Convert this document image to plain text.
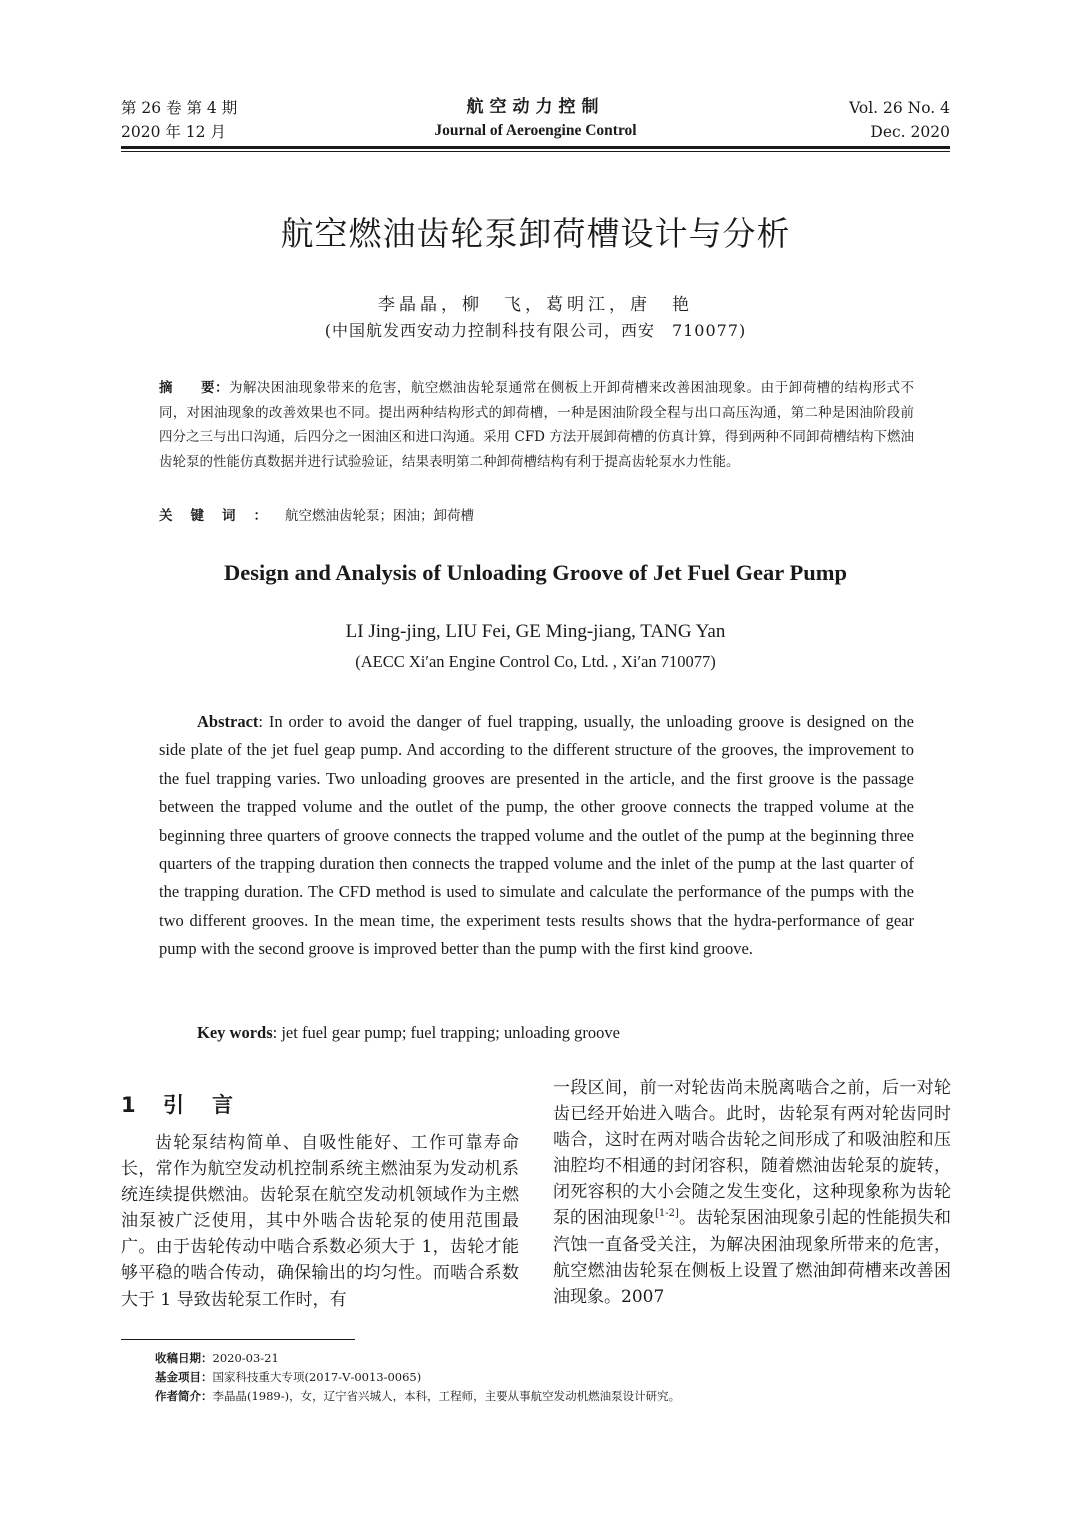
第 26 卷 第 4 期
2020 年 12 月
航空动力控制
Journal of Aeroengine Control
Vol. 26 No. 4
Dec. 2020
航空燃油齿轮泵卸荷槽设计与分析
李晶晶，柳　飞，葛明江，唐　艳
(中国航发西安动力控制科技有限公司，西安　710077)
摘　　要：为解决困油现象带来的危害，航空燃油齿轮泵通常在侧板上开卸荷槽来改善困油现象。由于卸荷槽的结构形式不同，对困油现象的改善效果也不同。提出两种结构形式的卸荷槽，一种是困油阶段全程与出口高压沟通，第二种是困油阶段前四分之三与出口沟通，后四分之一困油区和进口沟通。采用 CFD 方法开展卸荷槽的仿真计算，得到两种不同卸荷槽结构下燃油齿轮泵的性能仿真数据并进行试验验证，结果表明第二种卸荷槽结构有利于提高齿轮泵水力性能。
关键词：航空燃油齿轮泵；困油；卸荷槽
Design and Analysis of Unloading Groove of Jet Fuel Gear Pump
LI Jing-jing, LIU Fei, GE Ming-jiang, TANG Yan
(AECC Xi′an Engine Control Co, Ltd. , Xi′an 710077)
Abstract: In order to avoid the danger of fuel trapping, usually, the unloading groove is designed on the side plate of the jet fuel geap pump. And according to the different structure of the grooves, the improvement to the fuel trapping varies. Two unloading grooves are presented in the article, and the first groove is the passage between the trapped volume and the outlet of the pump, the other groove connects the trapped volume at the beginning three quarters of groove connects the trapped volume and the outlet of the pump at the beginning three quarters of the trapping duration then connects the trapped volume and the inlet of the pump at the last quarter of the trapping duration. The CFD method is used to simulate and calculate the performance of the pumps with the two different grooves. In the mean time, the experiment tests results shows that the hydra-performance of gear pump with the second groove is improved better than the pump with the first kind groove.
Key words: jet fuel gear pump; fuel trapping; unloading groove
1 引言
齿轮泵结构简单、自吸性能好、工作可靠寿命长，常作为航空发动机控制系统主燃油泵为发动机系统连续提供燃油。齿轮泵在航空发动机领域作为主燃油泵被广泛使用，其中外啮合齿轮泵的使用范围最广。由于齿轮传动中啮合系数必须大于 1，齿轮才能够平稳的啮合传动，确保输出的均匀性。而啮合系数大于 1 导致齿轮泵工作时，有
一段区间，前一对轮齿尚未脱离啮合之前，后一对轮齿已经开始进入啮合。此时，齿轮泵有两对轮齿同时啮合，这时在两对啮合齿轮之间形成了和吸油腔和压油腔均不相通的封闭容积，随着燃油齿轮泵的旋转，闭死容积的大小会随之发生变化，这种现象称为齿轮泵的困油现象[1-2]。齿轮泵困油现象引起的性能损失和汽蚀一直备受关注，为解决困油现象所带来的危害，航空燃油齿轮泵在侧板上设置了燃油卸荷槽来改善困油现象。2007
收稿日期：2020-03-21
基金项目：国家科技重大专项(2017-Ⅴ-0013-0065)
作者简介：李晶晶(1989-)，女，辽宁省兴城人，本科，工程师，主要从事航空发动机燃油泵设计研究。
